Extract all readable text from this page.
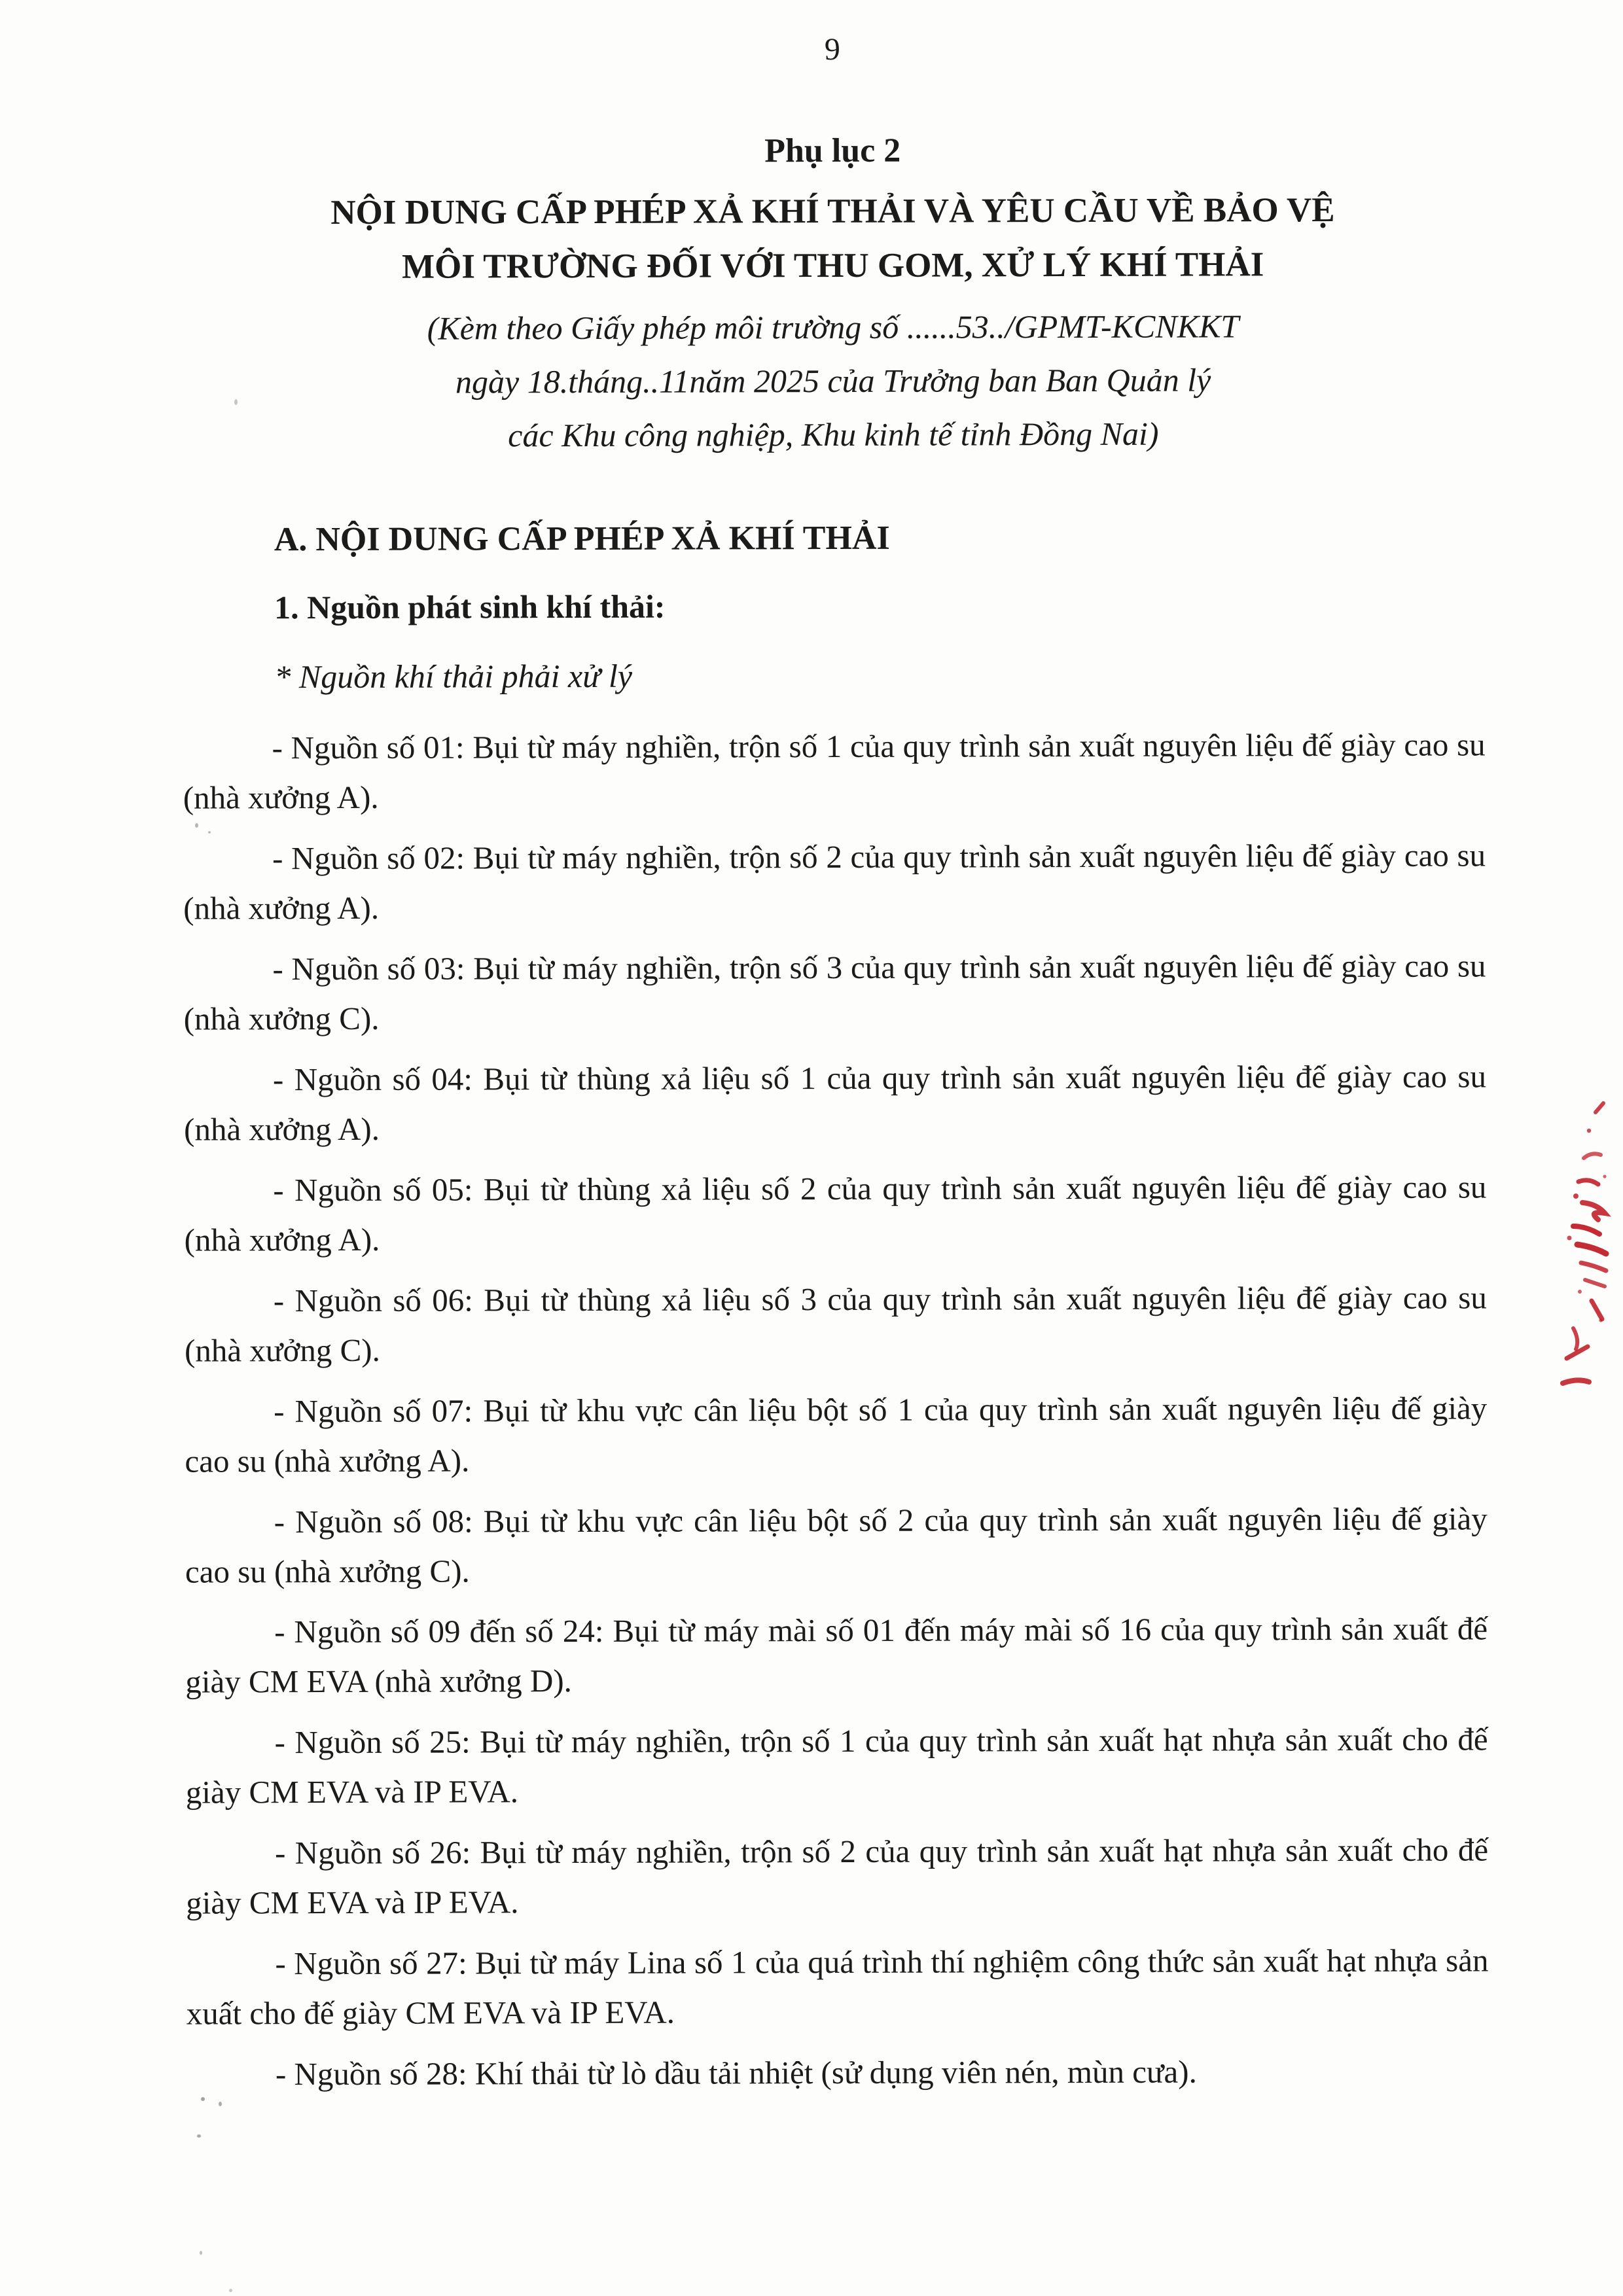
9
Phụ lục 2
NỘI DUNG CẤP PHÉP XẢ KHÍ THẢI VÀ YÊU CẦU VỀ BẢO VỆ
MÔI TRƯỜNG ĐỐI VỚI THU GOM, XỬ LÝ KHÍ THẢI
(Kèm theo Giấy phép môi trường số ......53../GPMT-KCNKKT
ngày 18.tháng..11năm 2025 của Trưởng ban Ban Quản lý
các Khu công nghiệp, Khu kinh tế tỉnh Đồng Nai)
A. NỘI DUNG CẤP PHÉP XẢ KHÍ THẢI
1. Nguồn phát sinh khí thải:
* Nguồn khí thải phải xử lý

- Nguồn số 01: Bụi từ máy nghiền, trộn số 1 của quy trình sản xuất nguyên liệu đế giày cao su (nhà xưởng A).

- Nguồn số 02: Bụi từ máy nghiền, trộn số 2 của quy trình sản xuất nguyên liệu đế giày cao su (nhà xưởng A).

- Nguồn số 03: Bụi từ máy nghiền, trộn số 3 của quy trình sản xuất nguyên liệu đế giày cao su (nhà xưởng C).

- Nguồn số 04: Bụi từ thùng xả liệu số 1 của quy trình sản xuất nguyên liệu đế giày cao su (nhà xưởng A).

- Nguồn số 05: Bụi từ thùng xả liệu số 2 của quy trình sản xuất nguyên liệu đế giày cao su (nhà xưởng A).

- Nguồn số 06: Bụi từ thùng xả liệu số 3 của quy trình sản xuất nguyên liệu đế giày cao su (nhà xưởng C).

- Nguồn số 07: Bụi từ khu vực cân liệu bột số 1 của quy trình sản xuất nguyên liệu đế giày cao su (nhà xưởng A).

- Nguồn số 08: Bụi từ khu vực cân liệu bột số 2 của quy trình sản xuất nguyên liệu đế giày cao su (nhà xưởng C).

- Nguồn số 09 đến số 24: Bụi từ máy mài số 01 đến máy mài số 16 của quy trình sản xuất đế giày CM EVA (nhà xưởng D).

- Nguồn số 25: Bụi từ máy nghiền, trộn số 1 của quy trình sản xuất hạt nhựa sản xuất cho đế giày CM EVA và IP EVA.

- Nguồn số 26: Bụi từ máy nghiền, trộn số 2 của quy trình sản xuất hạt nhựa sản xuất cho đế giày CM EVA và IP EVA.

- Nguồn số 27: Bụi từ máy Lina số 1 của quá trình thí nghiệm công thức sản xuất hạt nhựa sản xuất cho đế giày CM EVA và IP EVA.

- Nguồn số 28: Khí thải từ lò dầu tải nhiệt (sử dụng viên nén, mùn cưa).
